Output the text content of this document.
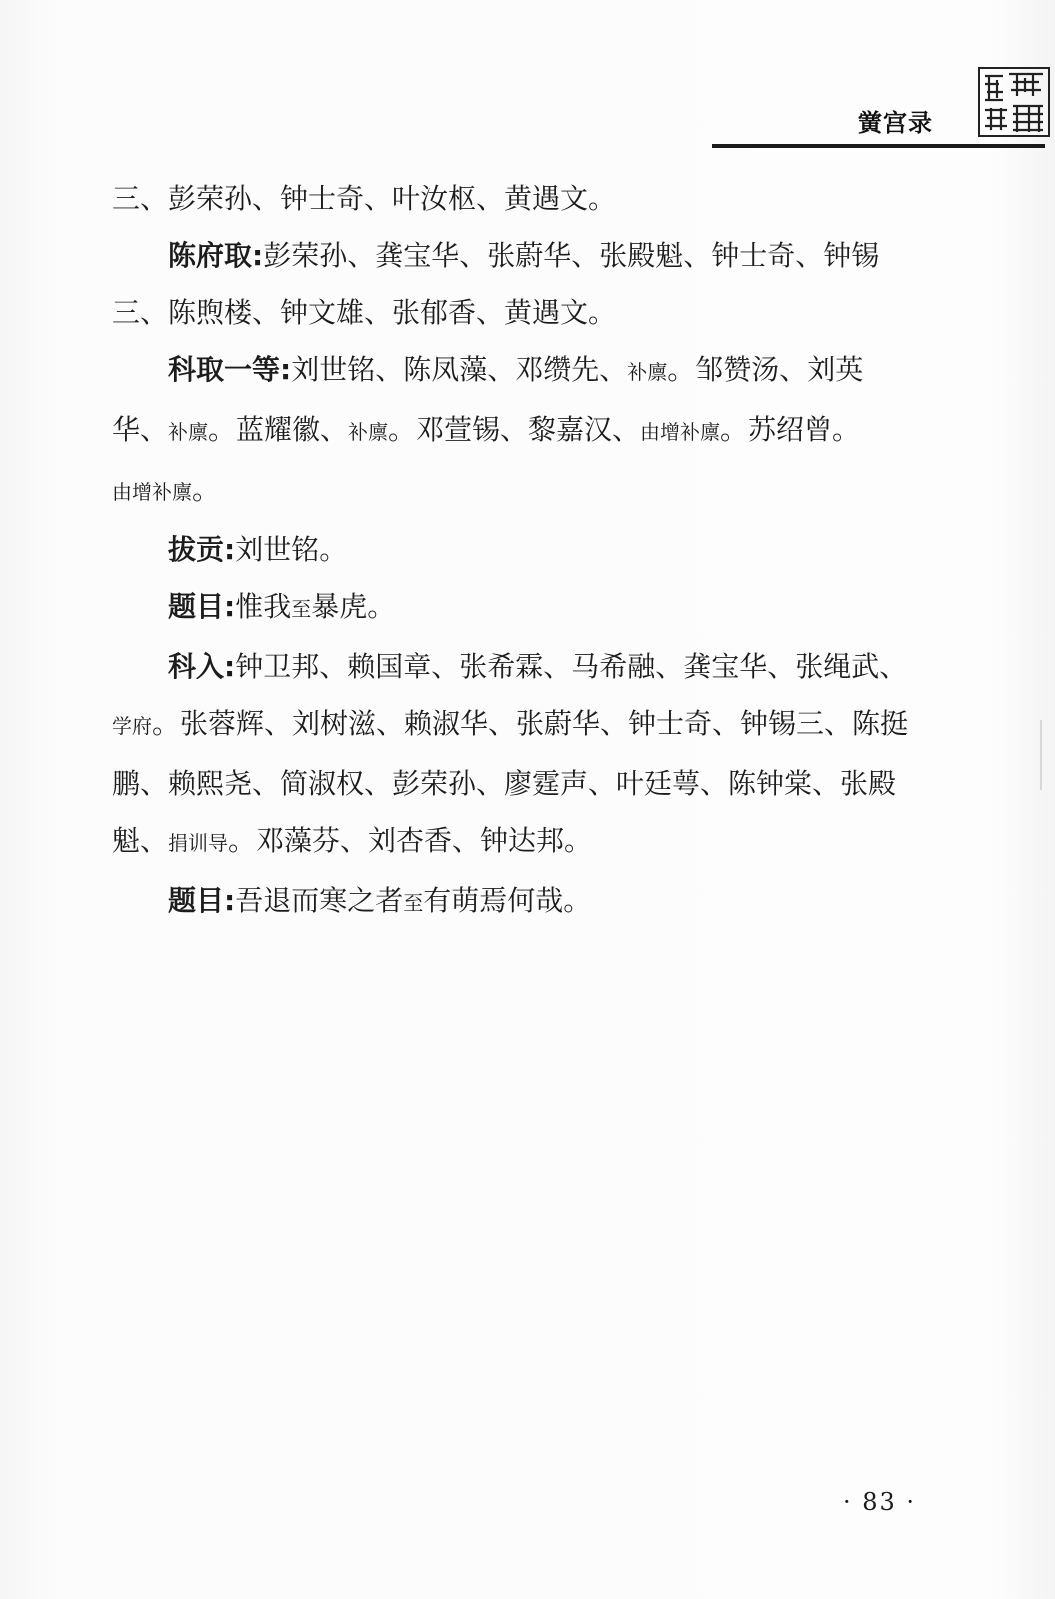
黉宫录

三、彭荣孙、钟士奇、叶汝枢、黄遇文。

陈府取:彭荣孙、龚宝华、张蔚华、张殿魁、钟士奇、钟锡

三、陈煦楼、钟文雄、张郁香、黄遇文。

科取一等:刘世铭、陈凤藻、邓缵先、补廪。邹赞汤、刘英

华、补廪。蓝耀徽、补廪。邓萱锡、黎嘉汉、由增补廪。苏绍曾。

由增补廪。

拔贡:刘世铭。

题目:惟我至暴虎。

科入:钟卫邦、赖国章、张希霖、马希融、龚宝华、张绳武、

学府。张蓉辉、刘树滋、赖淑华、张蔚华、钟士奇、钟锡三、陈挺

鹏、赖熙尧、简淑权、彭荣孙、廖霆声、叶廷萼、陈钟棠、张殿

魁、捐训导。邓藻芬、刘杏香、钟达邦。

题目:吾退而寒之者至有萌焉何哉。

· 83 ·
